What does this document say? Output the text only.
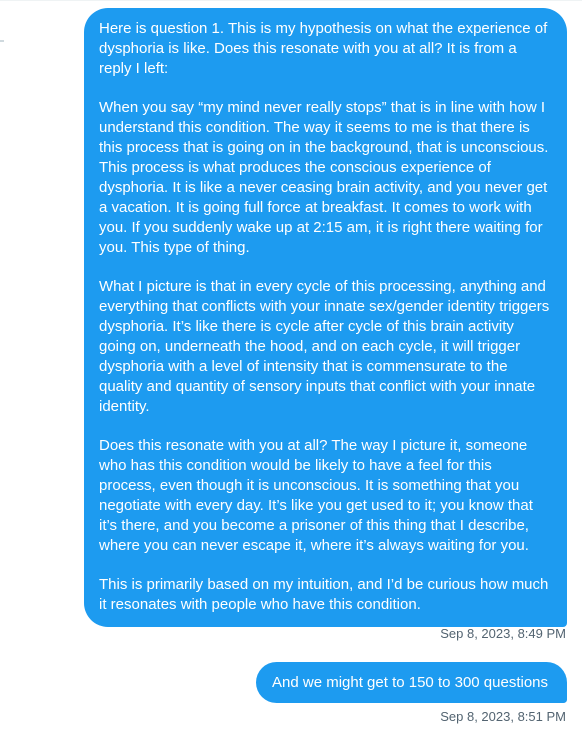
Here is question 1. This is my hypothesis on what the experience of dysphoria is like. Does this resonate with you at all? It is from a reply I left:

When you say “my mind never really stops” that is in line with how I understand this condition. The way it seems to me is that there is this process that is going on in the background, that is unconscious. This process is what produces the conscious experience of dysphoria. It is like a never ceasing brain activity, and you never get a vacation. It is going full force at breakfast. It comes to work with you. If you suddenly wake up at 2:15 am, it is right there waiting for you. This type of thing.

What I picture is that in every cycle of this processing, anything and everything that conflicts with your innate sex/gender identity triggers dysphoria. It’s like there is cycle after cycle of this brain activity going on, underneath the hood, and on each cycle, it will trigger dysphoria with a level of intensity that is commensurate to the quality and quantity of sensory inputs that conflict with your innate identity.

Does this resonate with you at all? The way I picture it, someone who has this condition would be likely to have a feel for this process, even though it is unconscious. It is something that you negotiate with every day. It’s like you get used to it; you know that it’s there, and you become a prisoner of this thing that I describe, where you can never escape it, where it’s always waiting for you.

This is primarily based on my intuition, and I’d be curious how much it resonates with people who have this condition.

Sep 8, 2023, 8:49 PM
And we might get to 150 to 300 questions
Sep 8, 2023, 8:51 PM
